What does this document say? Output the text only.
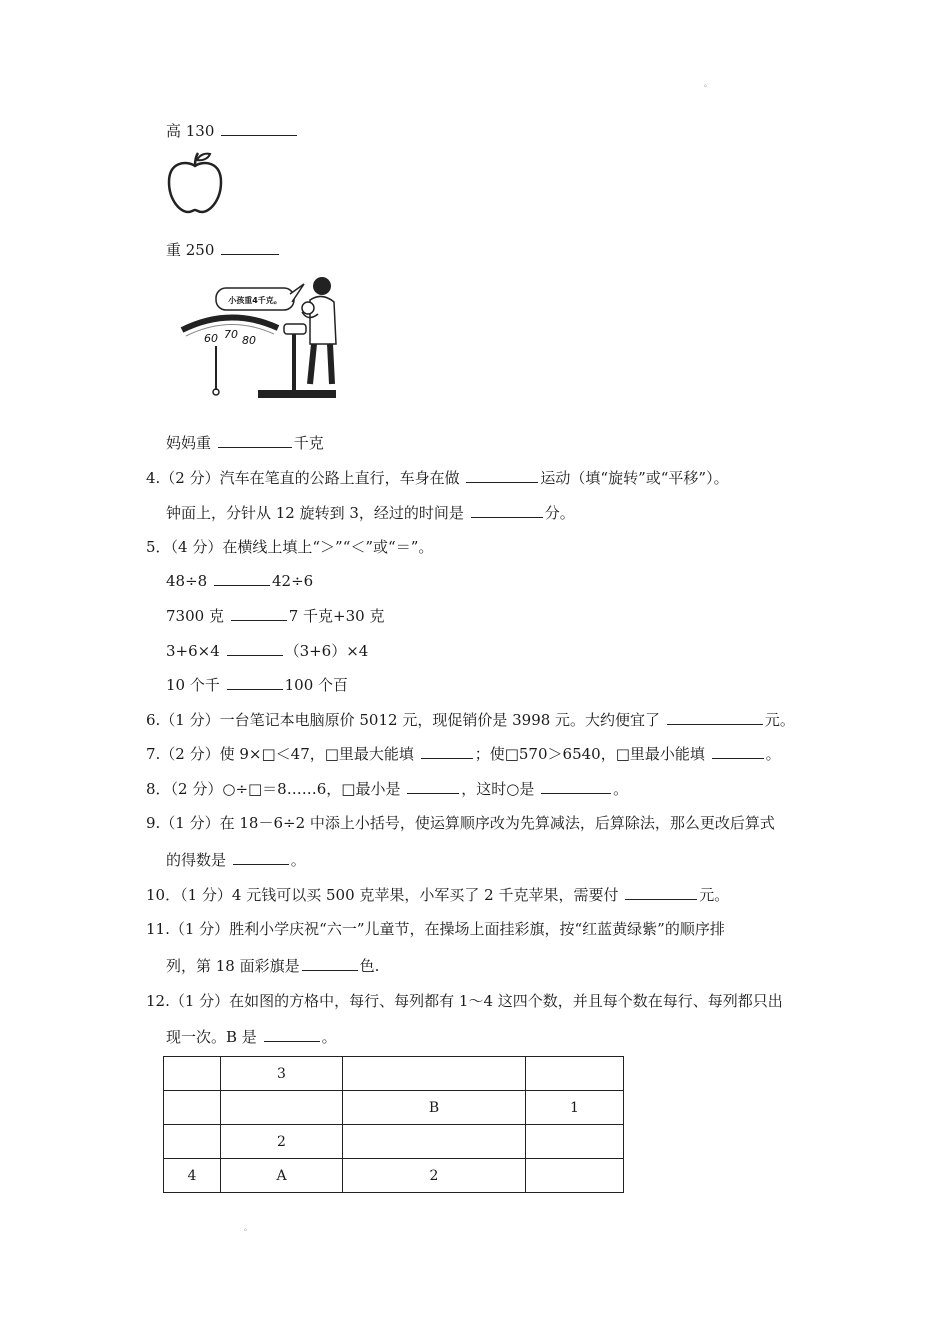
。
高 130
重 250
小孩重4千克。
60 70 80
妈妈重	千克
4.（2 分）汽车在笔直的公路上直行，车身在做	运动（填“旋转”或“平移”）。
钟面上，分针从 12 旋转到 3，经过的时间是	分。
5．（4 分）在横线上填上“＞”“＜”或“＝”。
48÷8	42÷6
7300 克	7 千克+30 克
3+6×4	（3+6）×4
10 个千	100 个百
6.（1 分）一台笔记本电脑原价 5012 元，现促销价是 3998 元。大约便宜了	元。
7.（2 分）使 9×□＜47，□里最大能填	；使□570＞6540，□里最小能填	。
8．（2 分）○÷□＝8……6，□最小是	，这时○是	。
9.（1 分）在 18－6÷2 中添上小括号，使运算顺序改为先算减法，后算除法，那么更改后算式
的得数是	。
10．（1 分）4 元钱可以买 500 克苹果，小军买了 2 千克苹果，需要付	元。
11.（1 分）胜利小学庆祝“六一”儿童节，在操场上面挂彩旗，按“红蓝黄绿紫”的顺序排
列，第 18 面彩旗是	色.
12.（1 分）在如图的方格中，每行、每列都有 1～4 这四个数，并且每个数在每行、每列都只出
现一次。B 是	。
	3		
		B	1
	2		
4	A	2	
。
